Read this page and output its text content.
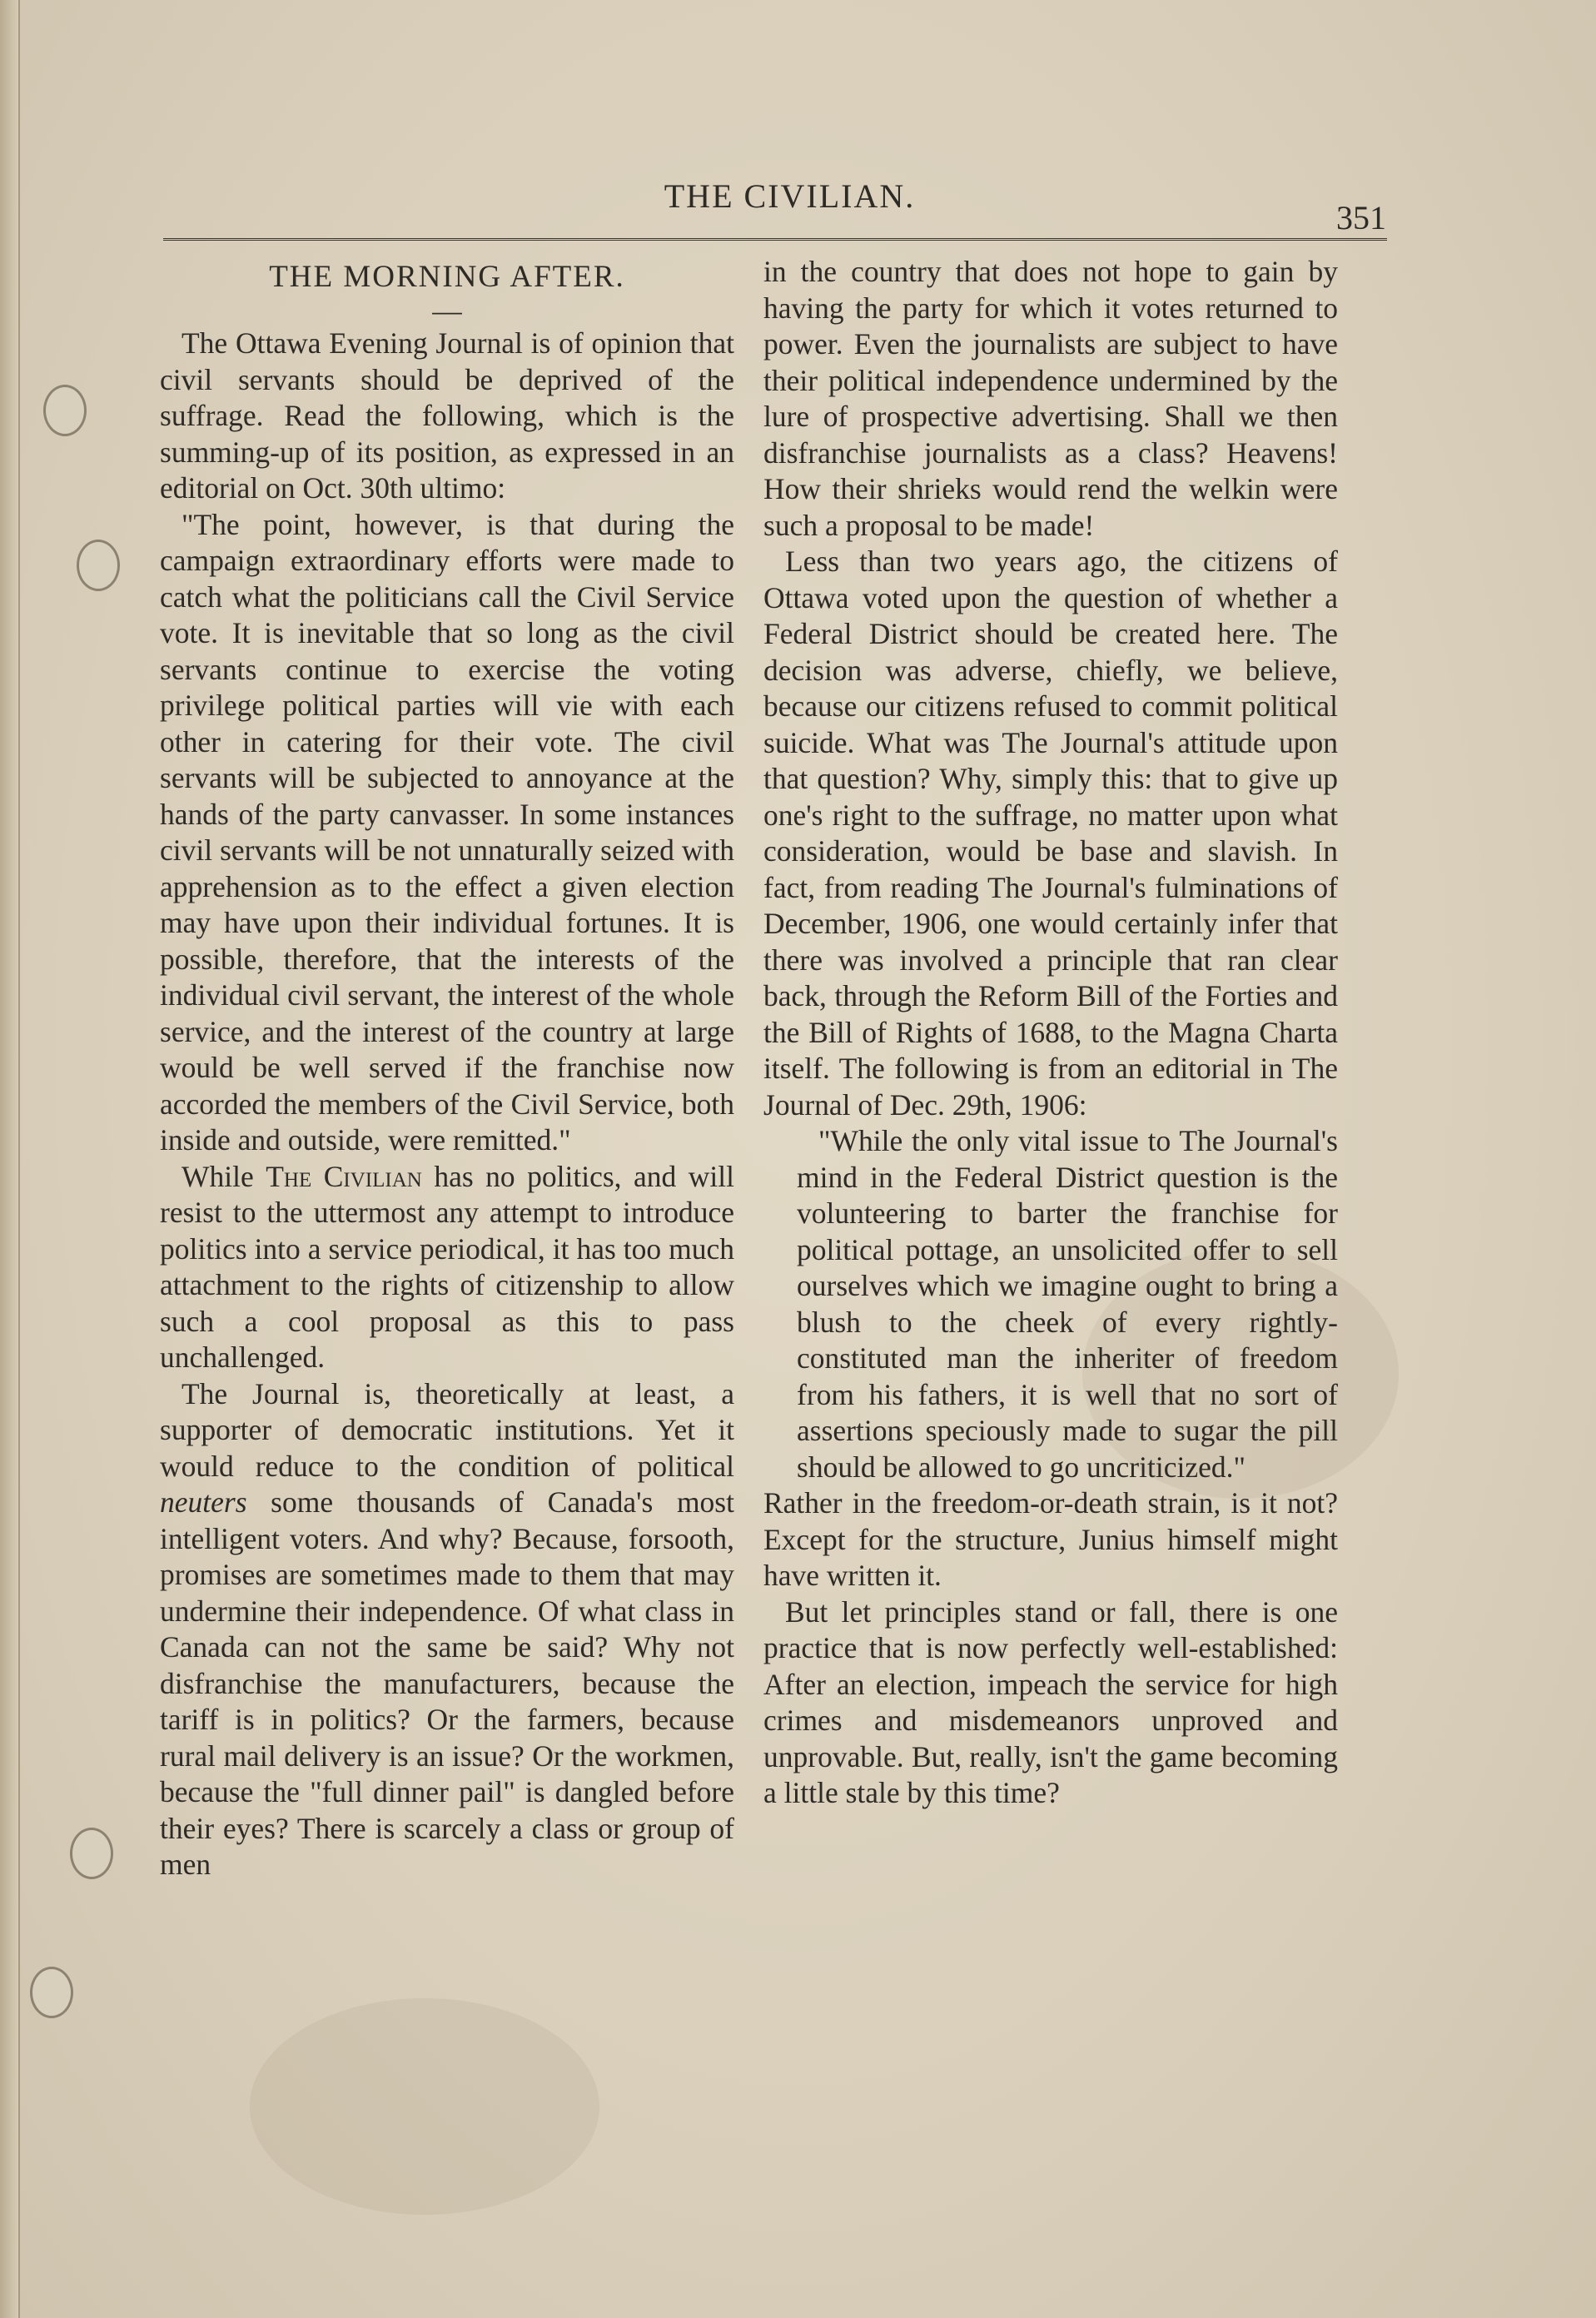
THE CIVILIAN.
351
THE MORNING AFTER.

—

The Ottawa Evening Journal is of opinion that civil servants should be deprived of the suffrage. Read the following, which is the summing-up of its position, as expressed in an editorial on Oct. 30th ultimo:

"The point, however, is that during the campaign extraordinary efforts were made to catch what the politicians call the Civil Service vote. It is inevitable that so long as the civil servants continue to exercise the voting privilege political parties will vie with each other in catering for their vote. The civil servants will be subjected to annoyance at the hands of the party canvasser. In some instances civil servants will be not unnaturally seized with apprehension as to the effect a given election may have upon their individual fortunes. It is possible, therefore, that the interests of the individual civil servant, the interest of the whole service, and the interest of the country at large would be well served if the franchise now accorded the members of the Civil Service, both inside and outside, were remitted."

While The Civilian has no politics, and will resist to the uttermost any attempt to introduce politics into a service periodical, it has too much attachment to the rights of citizenship to allow such a cool proposal as this to pass unchallenged.

The Journal is, theoretically at least, a supporter of democratic institutions. Yet it would reduce to the condition of political neuters some thousands of Canada's most intelligent voters. And why? Because, forsooth, promises are sometimes made to them that may undermine their independence. Of what class in Canada can not the same be said? Why not disfranchise the manufacturers, because the tariff is in politics? Or the farmers, because rural mail delivery is an issue? Or the workmen, because the "full dinner pail" is dangled before their eyes? There is scarcely a class or group of men

in the country that does not hope to gain by having the party for which it votes returned to power. Even the journalists are subject to have their political independence undermined by the lure of prospective advertising. Shall we then disfranchise journalists as a class? Heavens! How their shrieks would rend the welkin were such a proposal to be made!

Less than two years ago, the citizens of Ottawa voted upon the question of whether a Federal District should be created here. The decision was adverse, chiefly, we believe, because our citizens refused to commit political suicide. What was The Journal's attitude upon that question? Why, simply this: that to give up one's right to the suffrage, no matter upon what consideration, would be base and slavish. In fact, from reading The Journal's fulminations of December, 1906, one would certainly infer that there was involved a principle that ran clear back, through the Reform Bill of the Forties and the Bill of Rights of 1688, to the Magna Charta itself. The following is from an editorial in The Journal of Dec. 29th, 1906:

"While the only vital issue to The Journal's mind in the Federal District question is the volunteering to barter the franchise for political pottage, an unsolicited offer to sell ourselves which we imagine ought to bring a blush to the cheek of every rightly-constituted man the inheriter of freedom from his fathers, it is well that no sort of assertions speciously made to sugar the pill should be allowed to go uncriticized."

Rather in the freedom-or-death strain, is it not? Except for the structure, Junius himself might have written it.

But let principles stand or fall, there is one practice that is now perfectly well-established: After an election, impeach the service for high crimes and misdemeanors unproved and unprovable. But, really, isn't the game becoming a little stale by this time?
